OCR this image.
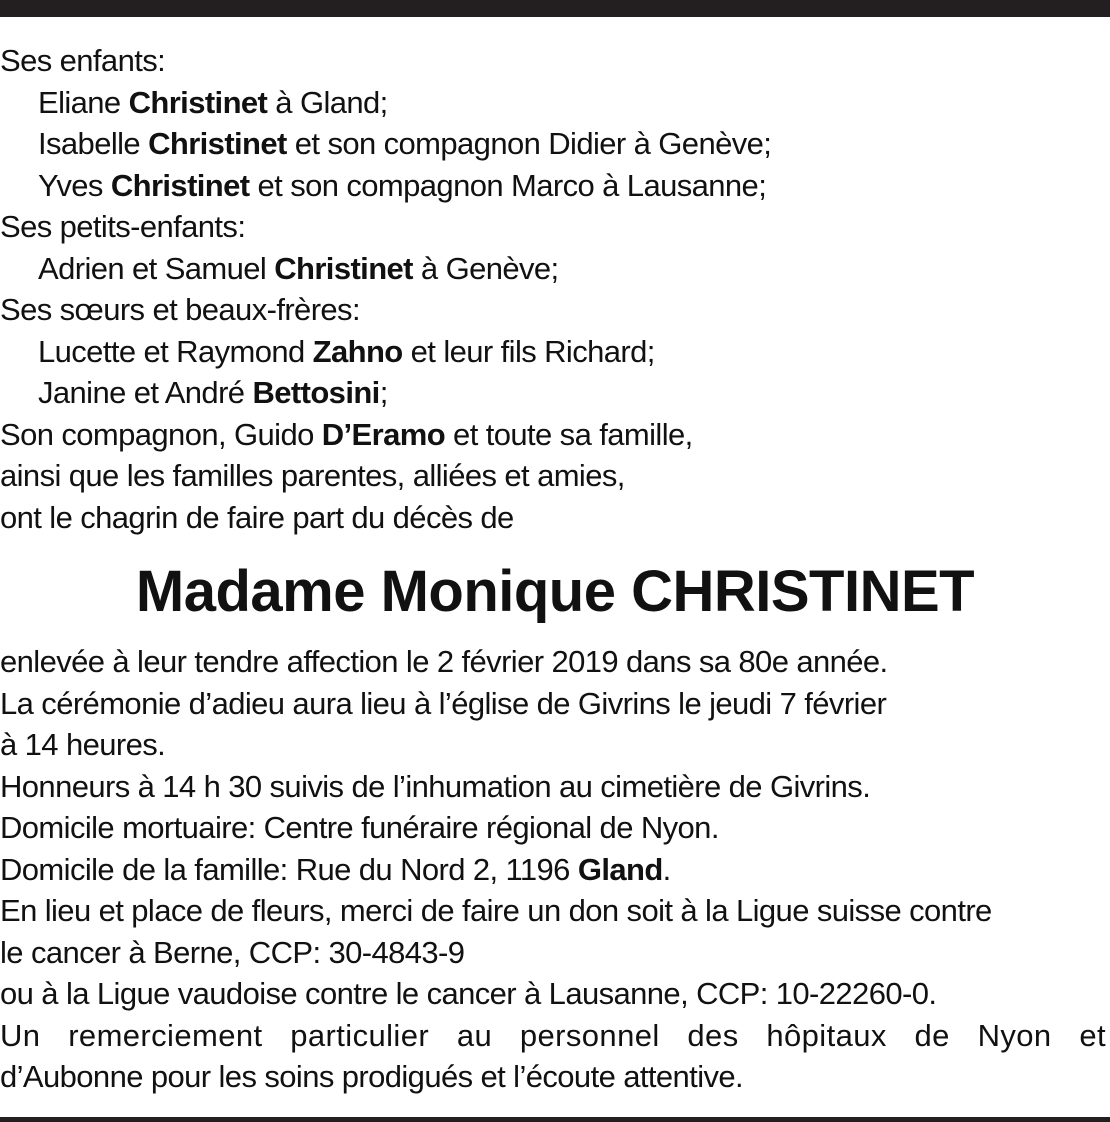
Ses enfants:
Eliane Christinet à Gland;
Isabelle Christinet et son compagnon Didier à Genève;
Yves Christinet et son compagnon Marco à Lausanne;
Ses petits-enfants:
Adrien et Samuel Christinet à Genève;
Ses sœurs et beaux-frères:
Lucette et Raymond Zahno et leur fils Richard;
Janine et André Bettosini;
Son compagnon, Guido D’Eramo et toute sa famille,
ainsi que les familles parentes, alliées et amies,
ont le chagrin de faire part du décès de
Madame Monique CHRISTINET
enlevée à leur tendre affection le 2 février 2019 dans sa 80e année.
La cérémonie d’adieu aura lieu à l’église de Givrins le jeudi 7 février
à 14 heures.
Honneurs à 14 h 30 suivis de l’inhumation au cimetière de Givrins.
Domicile mortuaire: Centre funéraire régional de Nyon.
Domicile de la famille: Rue du Nord 2, 1196 Gland.
En lieu et place de fleurs, merci de faire un don soit à la Ligue suisse contre
le cancer à Berne, CCP: 30-4843-9
ou à la Ligue vaudoise contre le cancer à Lausanne, CCP: 10-22260-0.
Un remerciement particulier au personnel des hôpitaux de Nyon et
d’Aubonne pour les soins prodigués et l’écoute attentive.
